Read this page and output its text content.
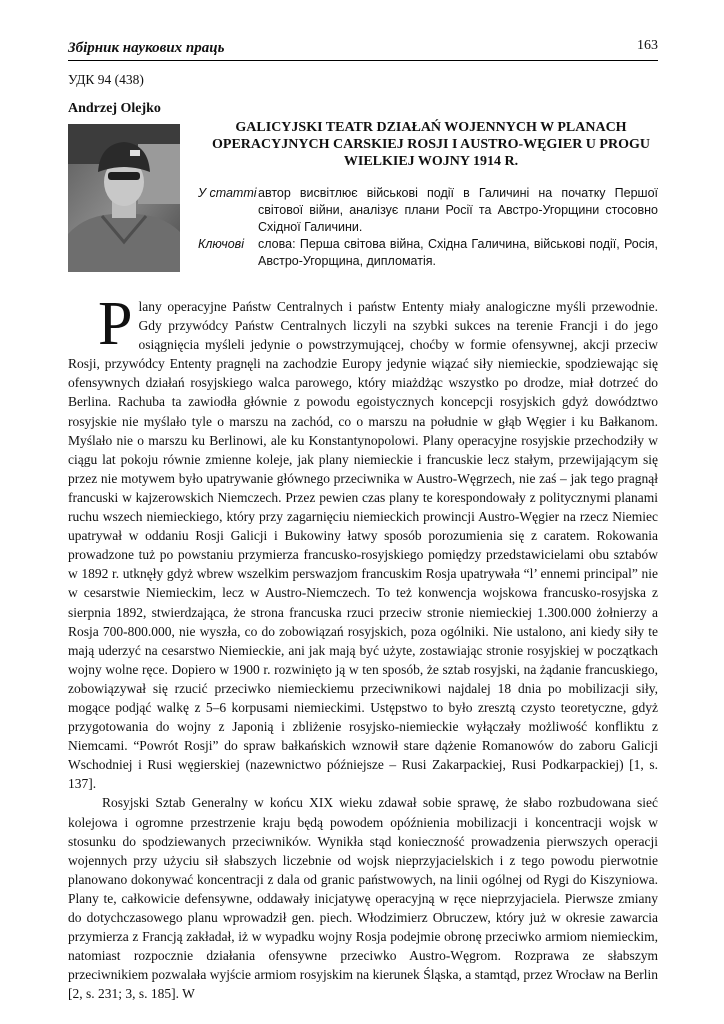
Збірник наукових праць	163
УДК 94 (438)
Andrzej Olejko
GALICYJSKI TEATR DZIAŁAŃ WOJENNYCH W PLANACH OPERACYJNYCH CARSKIEJ ROSJI I AUSTRO-WĘGIER U PROGU WIELKIEJ WOJNY 1914 R.
У статті автор висвітлює військові події в Галичині на початку Першої світової війни, аналізує плани Росії та Австро-Угорщини стосовно Східної Галичини.
Ключові	слова: Перша світова війна, Східна Галичина, військові події, Росія, Австро-Угорщина, дипломатія.

Plany operacyjne Państw Centralnych i państw Ententy miały analogiczne myśli przewodnie. Gdy przywódcy Państw Centralnych liczyli na szybki sukces na terenie Francji i do jego osiągnięcia myśleli jedynie o powstrzymującej, choćby w formie ofensywnej, akcji przeciw Rosji, przywódcy Ententy pragnęli na zachodzie Europy jedynie wiązać siły niemieckie, spodziewając się ofensywnych działań rosyjskiego walca parowego, który miażdżąc wszystko po drodze, miał dotrzeć do Berlina. Rachuba ta zawiodła głównie z powodu egoistycznych koncepcji rosyjskich gdyż dowództwo rosyjskie nie myślało tyle o marszu na zachód, co o marszu na południe w głąb Węgier i ku Bałkanom. Myślało nie o marszu ku Berlinowi, ale ku Konstantynopolowi. Plany operacyjne rosyjskie przechodziły w ciągu lat pokoju równie zmienne koleje, jak plany niemieckie i francuskie lecz stałym, przewijającym się przez nie motywem było upatrywanie głównego przeciwnika w Austro-Węgrzech, nie zaś – jak tego pragnął francuski w kajzerowskich Niemczech. Przez pewien czas plany te korespondowały z politycznymi planami ruchu wszech niemieckiego, który przy zagarnięciu niemieckich prowincji Austro-Węgier na rzecz Niemiec upatrywał w oddaniu Rosji Galicji i Bukowiny łatwy sposób porozumienia się z caratem. Rokowania prowadzone tuż po powstaniu przymierza francusko-rosyjskiego pomiędzy przedstawicielami obu sztabów w 1892 r. utknęły gdyż wbrew wszelkim perswazjom francuskim Rosja upatrywała “l’ ennemi principal” nie w cesarstwie Niemieckim, lecz w Austro-Niemczech. To też konwencja wojskowa francusko-rosyjska z sierpnia 1892, stwierdzająca, że strona francuska rzuci przeciw stronie niemieckiej 1.300.000 żołnierzy a Rosja 700-800.000, nie wyszła, co do zobowiązań rosyjskich, poza ogólniki. Nie ustalono, ani kiedy siły te mają uderzyć na cesarstwo Niemieckie, ani jak mają być użyte, zostawiając stronie rosyjskiej w początkach wojny wolne ręce. Dopiero w 1900 r. rozwinięto ją w ten sposób, że sztab rosyjski, na żądanie francuskiego, zobowiązywał się rzucić przeciwko niemieckiemu przeciwnikowi najdalej 18 dnia po mobilizacji siły, mogące podjąć walkę z 5–6 korpusami niemieckimi. Ustępstwo to było zresztą czysto teoretyczne, gdyż przygotowania do wojny z Japonią i zbliżenie rosyjsko-niemieckie wyłączały możliwość konfliktu z Niemcami. “Powrót Rosji” do spraw bałkańskich wznowił stare dążenie Romanowów do zaboru Galicji Wschodniej i Rusi węgierskiej (nazewnictwo późniejsze – Rusi Zakarpackiej, Rusi Podkarpackiej) [1, s. 137].

Rosyjski Sztab Generalny w końcu XIX wieku zdawał sobie sprawę, że słabo rozbudowana sieć kolejowa i ogromne przestrzenie kraju będą powodem opóźnienia mobilizacji i koncentracji wojsk w stosunku do spodziewanych przeciwników. Wynikła stąd konieczność prowadzenia pierwszych operacji wojennych przy użyciu sił słabszych liczebnie od wojsk nieprzyjacielskich i z tego powodu pierwotnie planowano dokonywać koncentracji z dala od granic państwowych, na linii ogólnej od Rygi do Kiszyniowa. Plany te, całkowicie defensywne, oddawały inicjatywę operacyjną w ręce nieprzyjaciela. Pierwsze zmiany do dotychczasowego planu wprowadził gen. piech. Włodzimierz Obruczew, który już w okresie zawarcia przymierza z Francją zakładał, iż w wypadku wojny Rosja podejmie obronę przeciwko armiom niemieckim, natomiast rozpocznie działania ofensywne przeciwko Austro-Węgrom. Rozprawa ze słabszym przeciwnikiem pozwalała wyjście armiom rosyjskim na kierunek Śląska, a stamtąd, przez Wrocław na Berlin [2, s. 231; 3, s. 185]. W
